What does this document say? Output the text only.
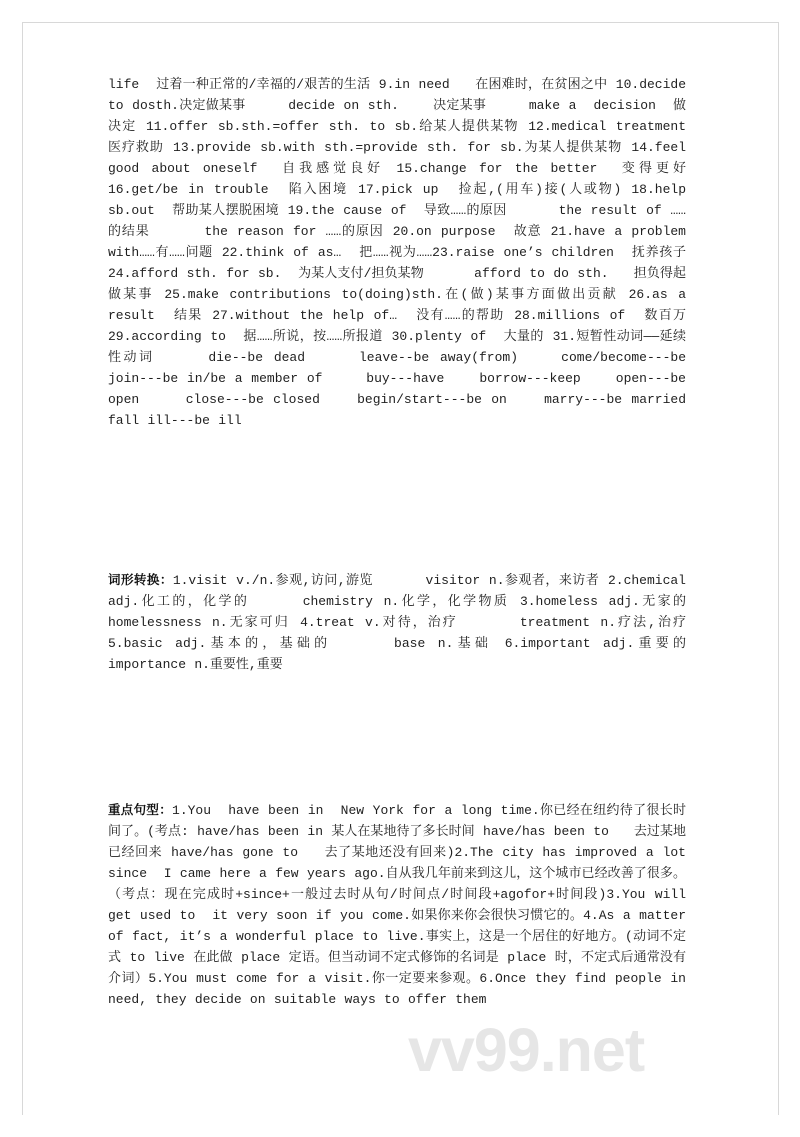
life  过着一种正常的/幸福的/艰苦的生活 9.in need   在困难时，在贫困之中 10.decide to dosth.决定做某事     decide on sth.    决定某事     make a  decision  做决定 11.offer sb.sth.=offer sth. to sb.给某人提供某物 12.medical treatment  医疗救助 13.provide sb.with sth.=provide sth. for sb.为某人提供某物 14.feel good about oneself  自我感觉良好 15.change for the better  变得更好 16.get/be in trouble  陷入困境 17.pick up  捡起,(用车)接(人或物) 18.help sb.out  帮助某人摆脱困境 19.the cause of  导致……的原因      the result of ……的结果      the reason for ……的原因 20.on purpose  故意 21.have a problem with……有……问题 22.think of as…  把……视为……23.raise one’s children  抚养孩子 24.afford sth. for sb.  为某人支付/担负某物      afford to do sth.   担负得起做某事 25.make contributions to(doing)sth.在(做)某事方面做出贡献 26.as a result  结果 27.without the help of…  没有……的帮助 28.millions of  数百万 29.according to  据……所说，按……所报道 30.plenty of  大量的 31.短暂性动词——延续性动词     die--be dead     leave--be away(from)    come/become---be     join---be in/be a member of     buy---have    borrow---keep    open---be open     close---be closed    begin/start---be on    marry---be married    fall ill---be ill
词形转换：1.visit v./n.参观,访问,游览      visitor n.参观者，来访者 2.chemical adj.化工的，化学的     chemistry n.化学，化学物质 3.homeless adj.无家的      homelessness n.无家可归 4.treat v.对待，治疗      treatment n.疗法,治疗 5.basic adj.基本的，基础的     base n.基础 6.important adj.重要的      importance n.重要性,重要
重点句型：1.You  have been in  New York for a long time.你已经在纽约待了很长时间了。(考点: have/has been in 某人在某地待了多长时间 have/has been to   去过某地已经回来 have/has gone to   去了某地还没有回来)2.The city has improved a lot  since  I came here a few years ago.自从我几年前来到这儿，这个城市已经改善了很多。（考点：现在完成时+since+一般过去时从句/时间点/时间段+agofor+时间段)3.You will  get used to  it very soon if you come.如果你来你会很快习惯它的。4.As a matter of fact, it’s a wonderful place to live.事实上，这是一个居住的好地方。(动词不定式 to live 在此做 place 定语。但当动词不定式修饰的名词是 place 时，不定式后通常没有介词）5.You must come for a visit.你一定要来参观。6.Once they find people in need, they decide on suitable ways to offer them
vv99.net
